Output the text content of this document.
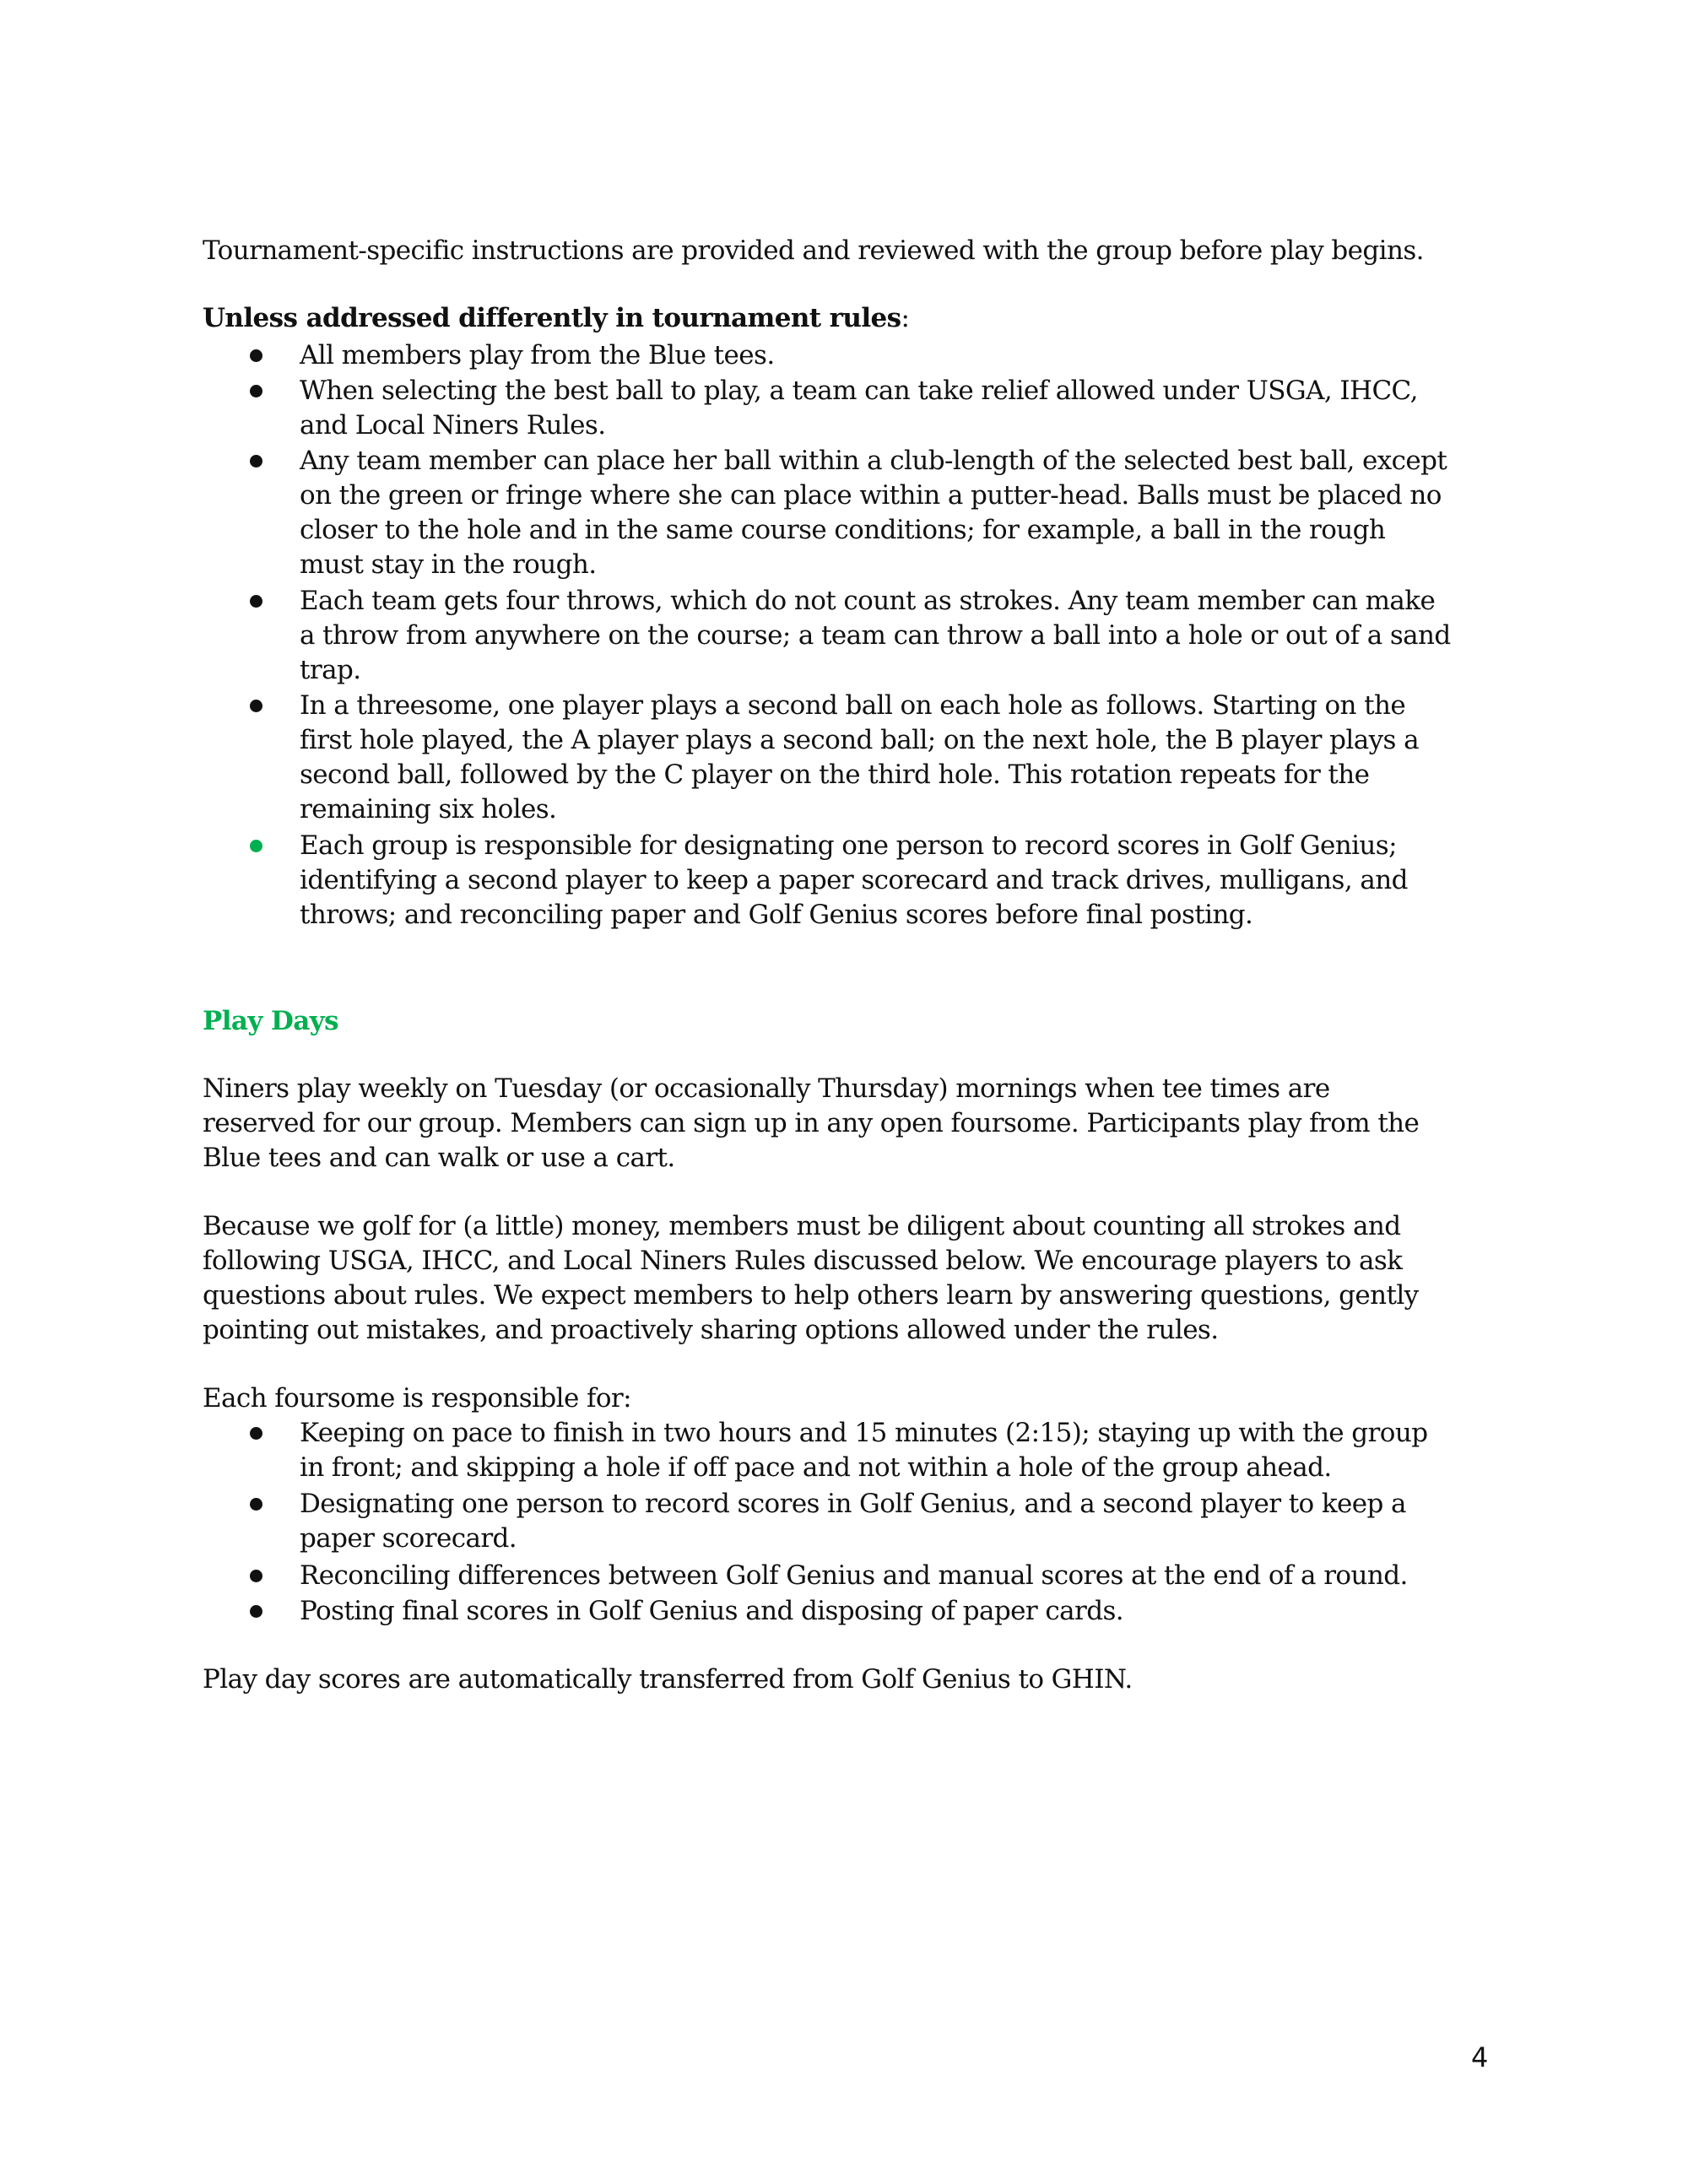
Tournament-specific instructions are provided and reviewed with the group before play begins.
Unless addressed differently in tournament rules:
All members play from the Blue tees.
When selecting the best ball to play, a team can take relief allowed under USGA, IHCC,
and Local Niners Rules.
Any team member can place her ball within a club-length of the selected best ball, except
on the green or fringe where she can place within a putter-head. Balls must be placed no
closer to the hole and in the same course conditions; for example, a ball in the rough
must stay in the rough.
Each team gets four throws, which do not count as strokes. Any team member can make
a throw from anywhere on the course; a team can throw a ball into a hole or out of a sand
trap.
In a threesome, one player plays a second ball on each hole as follows. Starting on the
first hole played, the A player plays a second ball; on the next hole, the B player plays a
second ball, followed by the C player on the third hole. This rotation repeats for the
remaining six holes.
Each group is responsible for designating one person to record scores in Golf Genius;
identifying a second player to keep a paper scorecard and track drives, mulligans, and
throws; and reconciling paper and Golf Genius scores before final posting.
Play Days
Niners play weekly on Tuesday (or occasionally Thursday) mornings when tee times are
reserved for our group. Members can sign up in any open foursome. Participants play from the
Blue tees and can walk or use a cart.
Because we golf for (a little) money, members must be diligent about counting all strokes and
following USGA, IHCC, and Local Niners Rules discussed below. We encourage players to ask
questions about rules. We expect members to help others learn by answering questions, gently
pointing out mistakes, and proactively sharing options allowed under the rules.
Each foursome is responsible for:
Keeping on pace to finish in two hours and 15 minutes (2:15); staying up with the group
in front; and skipping a hole if off pace and not within a hole of the group ahead.
Designating one person to record scores in Golf Genius, and a second player to keep a
paper scorecard.
Reconciling differences between Golf Genius and manual scores at the end of a round.
Posting final scores in Golf Genius and disposing of paper cards.
Play day scores are automatically transferred from Golf Genius to GHIN.
4
